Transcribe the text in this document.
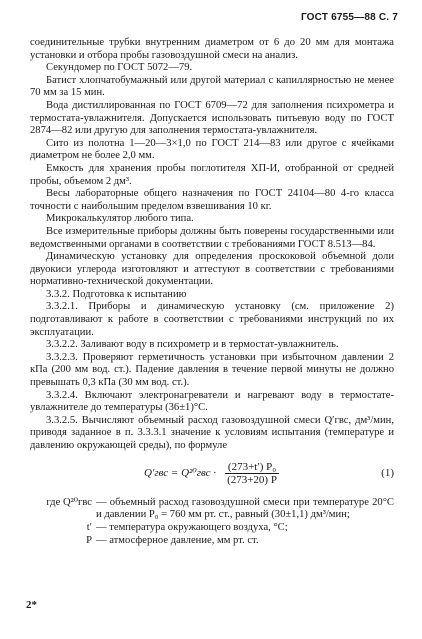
ГОСТ 6755—88 С. 7

соединительные трубки внутренним диаметром от 6 до 20 мм для монтажа установки и отбора пробы газовоздушной смеси на анализ.

Секундомер по ГОСТ 5072—79.

Батист хлопчатобумажный или другой материал с капиллярностью не менее 70 мм за 15 мин.

Вода дистиллированная по ГОСТ 6709—72 для заполнения психрометра и термостата-увлажнителя. Допускается использовать питьевую воду по ГОСТ 2874—82 или другую для заполнения термостата-увлажнителя.

Сито из полотна 1—20—3×1,0 по ГОСТ 214—83 или другое с ячейками диаметром не более 2,0 мм.

Емкость для хранения пробы поглотителя ХП-И, отобранной от средней пробы, объемом 2 дм³.

Весы лабораторные общего назначения по ГОСТ 24104—80 4-го класса точности с наибольшим пределом взвешивания 10 кг.

Микрокалькулятор любого типа.

Все измерительные приборы должны быть поверены государственными или ведомственными органами в соответствии с требованиями ГОСТ 8.513—84.

Динамическую установку для определения проскоковой объемной доли двуокиси углерода изготовляют и аттестуют в соответствии с требованиями нормативно-технической документации.

3.3.2. Подготовка к испытанию

3.3.2.1. Приборы и динамическую установку (см. приложение 2) подготавливают к работе в соответствии с требованиями инструкций по их эксплуатации.

3.3.2.2. Заливают воду в психрометр и в термостат-увлажнитель.

3.3.2.3. Проверяют герметичность установки при избыточном давлении 2 кПа (200 мм вод. ст.). Падение давления в течение первой минуты не должно превышать 0,3 кПа (30 мм вод. ст.).

3.3.2.4. Включают электронагреватели и нагревают воду в термостате-увлажнителе до температуры (36±1)°С.

3.3.2.5. Вычисляют объемный расход газовоздушной смеси Q′гвс, дм³/мин, приводя заданное в п. 3.3.3.1 значение к условиям испытания (температуре и давлению окружающей среды), по формуле

$Q'гвс = Q^{20}гвс \cdot \frac{\text{(273+t′) P₀}}{(273+20) P}$	(1)
где Q²⁰гвс — объемный расход газовоздушной смеси при температуре 20°С и давлении P₀ = 760 мм рт. ст., равный (30±1,1) дм³/мин;
t′ — температура окружающего воздуха, °С;
P — атмосферное давление, мм рт. ст.
2*
